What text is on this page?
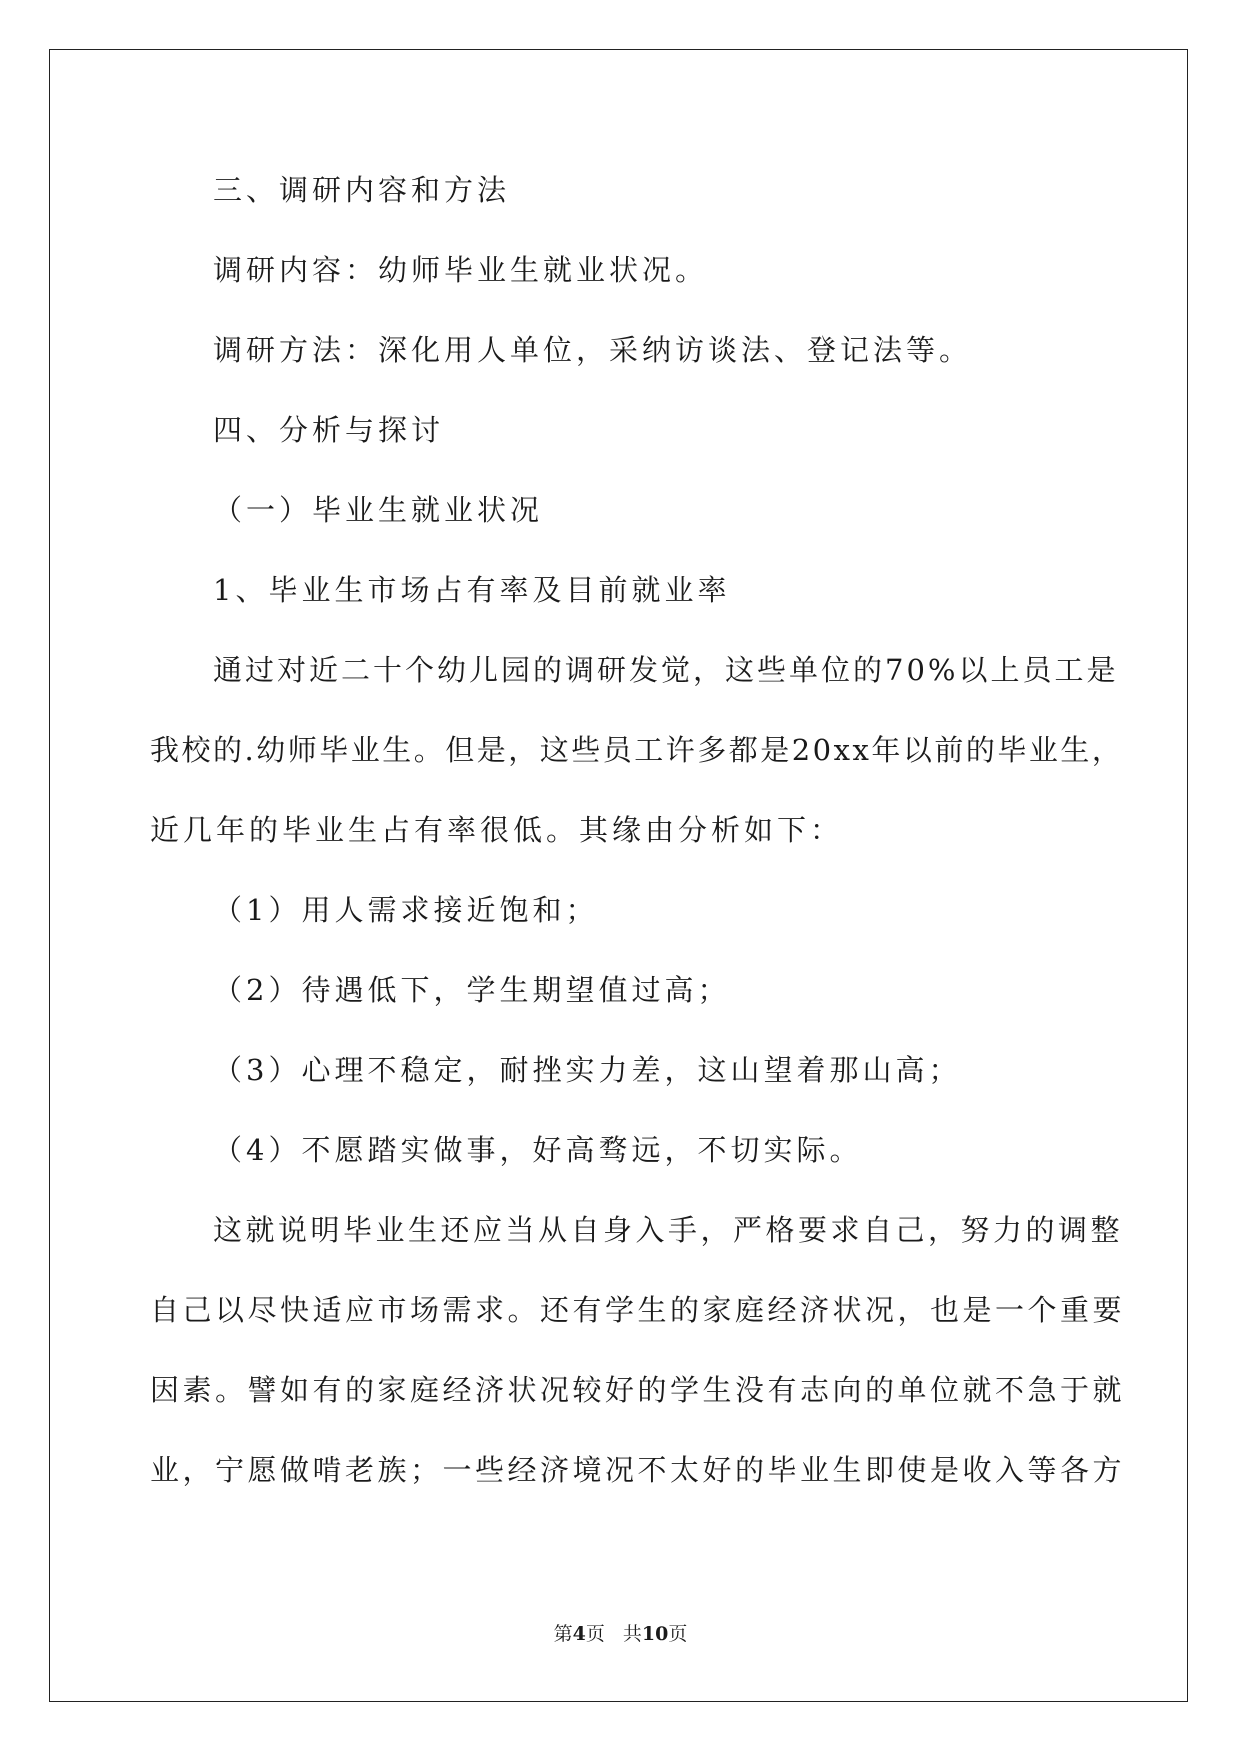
三、调研内容和方法
调研内容：幼师毕业生就业状况。
调研方法：深化用人单位，采纳访谈法、登记法等。
四、分析与探讨
（一）毕业生就业状况
1、毕业生市场占有率及目前就业率
通过对近二十个幼儿园的调研发觉，这些单位的70%以上员工是
我校的.幼师毕业生。但是，这些员工许多都是20xx年以前的毕业生，
近几年的毕业生占有率很低。其缘由分析如下：
（1）用人需求接近饱和；
（2）待遇低下，学生期望值过高；
（3）心理不稳定，耐挫实力差，这山望着那山高；
（4）不愿踏实做事，好高骛远，不切实际。
这就说明毕业生还应当从自身入手，严格要求自己，努力的调整
自己以尽快适应市场需求。还有学生的家庭经济状况，也是一个重要
因素。譬如有的家庭经济状况较好的学生没有志向的单位就不急于就
业，宁愿做啃老族；一些经济境况不太好的毕业生即使是收入等各方
第4页 共10页
